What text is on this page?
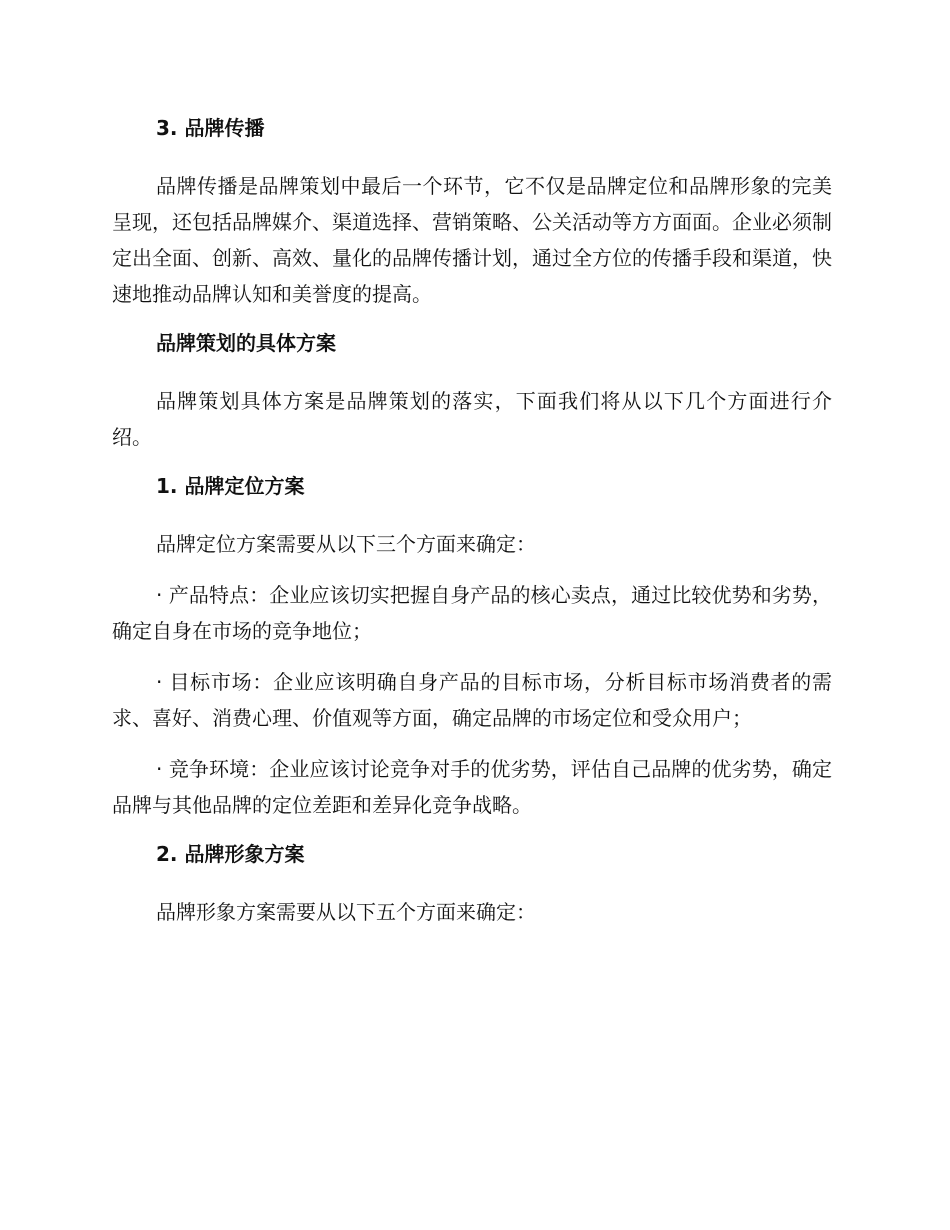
3. 品牌传播

品牌传播是品牌策划中最后一个环节，它不仅是品牌定位和品牌形象的完美呈现，还包括品牌媒介、渠道选择、营销策略、公关活动等方方面面。企业必须制定出全面、创新、高效、量化的品牌传播计划，通过全方位的传播手段和渠道，快速地推动品牌认知和美誉度的提高。

品牌策划的具体方案

品牌策划具体方案是品牌策划的落实，下面我们将从以下几个方面进行介绍。

1. 品牌定位方案

品牌定位方案需要从以下三个方面来确定：

· 产品特点：企业应该切实把握自身产品的核心卖点，通过比较优势和劣势，确定自身在市场的竞争地位；

· 目标市场：企业应该明确自身产品的目标市场，分析目标市场消费者的需求、喜好、消费心理、价值观等方面，确定品牌的市场定位和受众用户；

· 竞争环境：企业应该讨论竞争对手的优劣势，评估自己品牌的优劣势，确定品牌与其他品牌的定位差距和差异化竞争战略。

2. 品牌形象方案

品牌形象方案需要从以下五个方面来确定：
